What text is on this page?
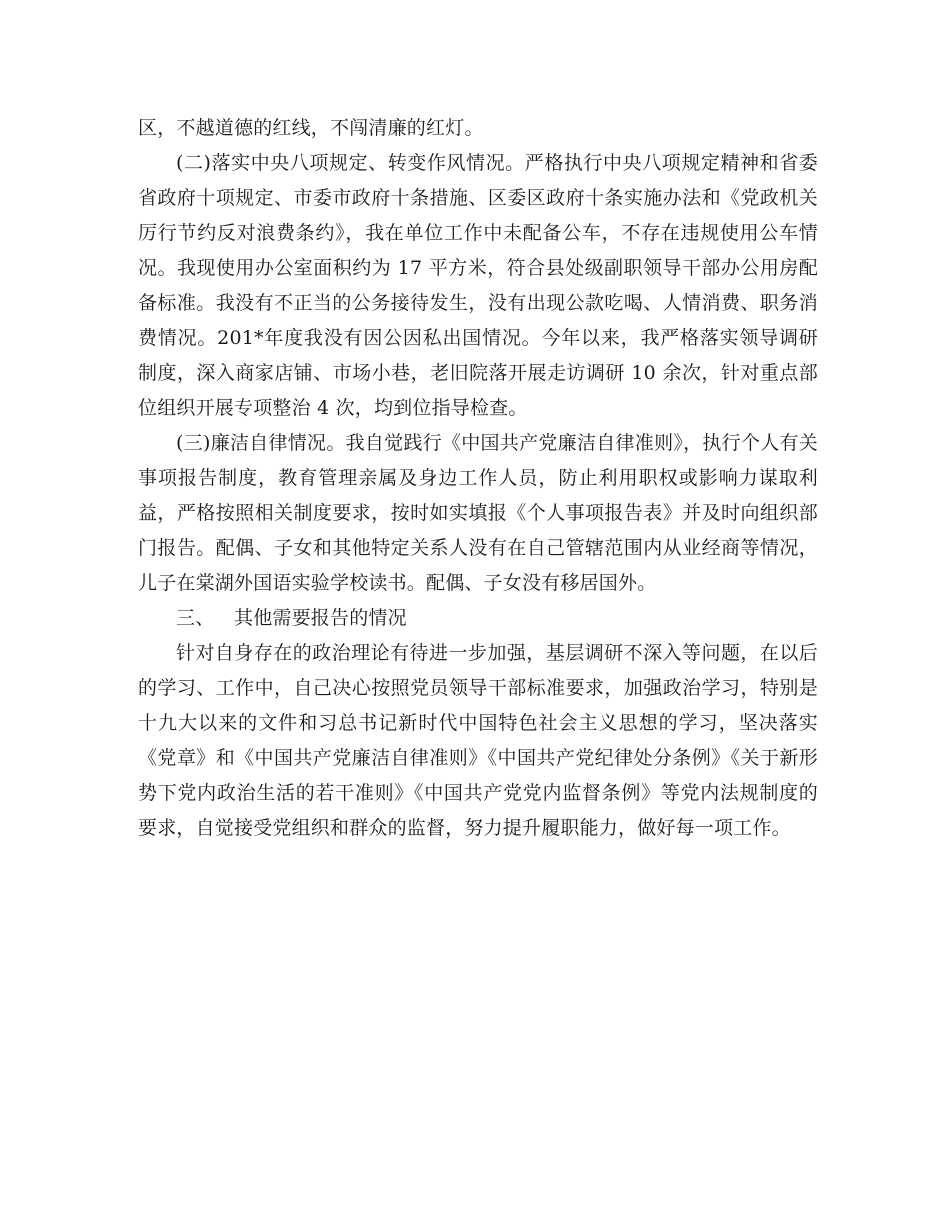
区，不越道德的红线，不闯清廉的红灯。

(二)落实中央八项规定、转变作风情况。严格执行中央八项规定精神和省委省政府十项规定、市委市政府十条措施、区委区政府十条实施办法和《党政机关厉行节约反对浪费条约》，我在单位工作中未配备公车，不存在违规使用公车情况。我现使用办公室面积约为 17 平方米，符合县处级副职领导干部办公用房配备标准。我没有不正当的公务接待发生，没有出现公款吃喝、人情消费、职务消费情况。201*年度我没有因公因私出国情况。今年以来，我严格落实领导调研制度，深入商家店铺、市场小巷，老旧院落开展走访调研 10 余次，针对重点部位组织开展专项整治 4 次，均到位指导检查。

(三)廉洁自律情况。我自觉践行《中国共产党廉洁自律准则》，执行个人有关事项报告制度，教育管理亲属及身边工作人员，防止利用职权或影响力谋取利益，严格按照相关制度要求，按时如实填报《个人事项报告表》并及时向组织部门报告。配偶、子女和其他特定关系人没有在自己管辖范围内从业经商等情况，儿子在棠湖外国语实验学校读书。配偶、子女没有移居国外。

三、 其他需要报告的情况

针对自身存在的政治理论有待进一步加强，基层调研不深入等问题，在以后的学习、工作中，自己决心按照党员领导干部标准要求，加强政治学习，特别是十九大以来的文件和习总书记新时代中国特色社会主义思想的学习，坚决落实《党章》和《中国共产党廉洁自律准则》《中国共产党纪律处分条例》《关于新形势下党内政治生活的若干准则》《中国共产党党内监督条例》等党内法规制度的要求，自觉接受党组织和群众的监督，努力提升履职能力，做好每一项工作。
